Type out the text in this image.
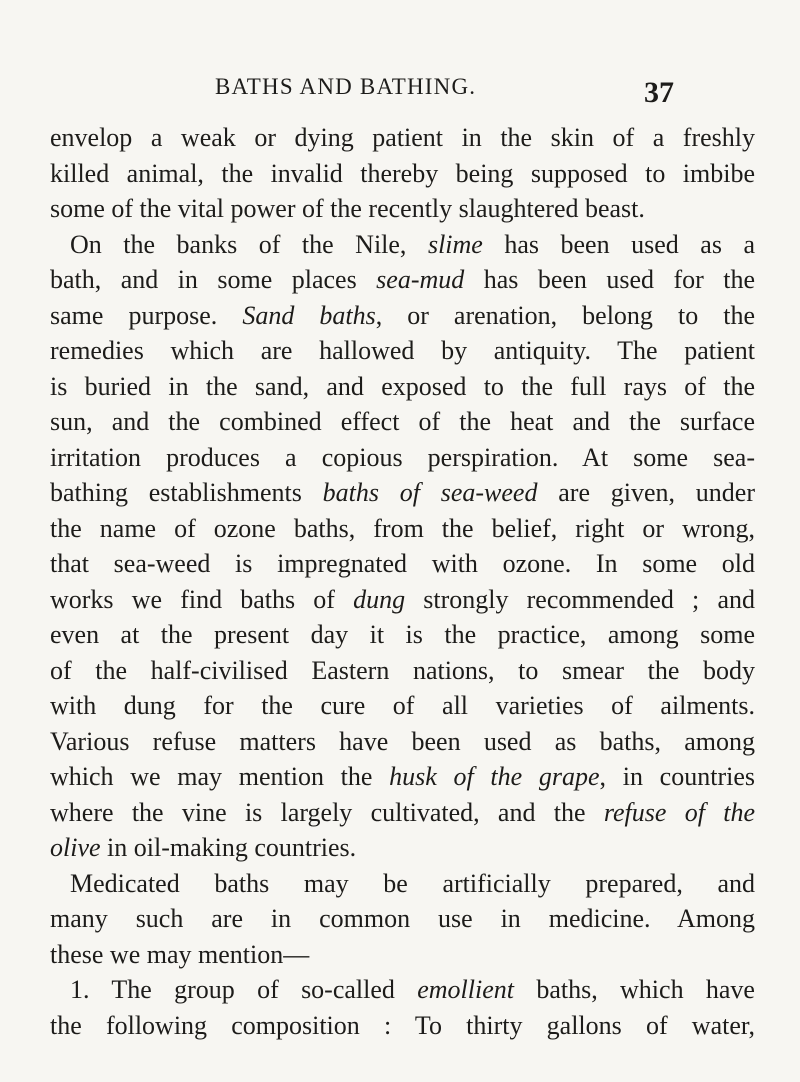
BATHS AND BATHING.	37
envelop a weak or dying patient in the skin of a freshly
killed animal, the invalid thereby being supposed to imbibe
some of the vital power of the recently slaughtered beast.
On the banks of the Nile, slime has been used as a
bath, and in some places sea-mud has been used for the
same purpose. Sand baths, or arenation, belong to the
remedies which are hallowed by antiquity. The patient
is buried in the sand, and exposed to the full rays of the
sun, and the combined effect of the heat and the surface
irritation produces a copious perspiration. At some sea-
bathing establishments baths of sea-weed are given, under
the name of ozone baths, from the belief, right or wrong,
that sea-weed is impregnated with ozone. In some old
works we find baths of dung strongly recommended ; and
even at the present day it is the practice, among some
of the half-civilised Eastern nations, to smear the body
with dung for the cure of all varieties of ailments.
Various refuse matters have been used as baths, among
which we may mention the husk of the grape, in countries
where the vine is largely cultivated, and the refuse of the
olive in oil-making countries.
Medicated baths may be artificially prepared, and
many such are in common use in medicine. Among
these we may mention—
1. The group of so-called emollient baths, which have
the following composition : To thirty gallons of water,
